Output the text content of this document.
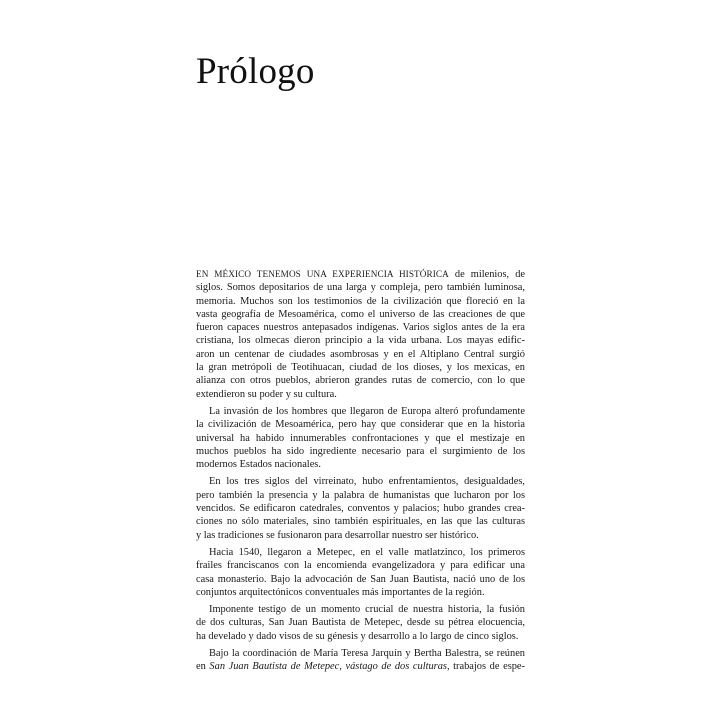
Prólogo

EN MÉXICO TENEMOS UNA EXPERIENCIA HISTÓRICA de milenios, de
siglos. Somos depositarios de una larga y compleja, pero también luminosa,
memoria. Muchos son los testimonios de la civilización que floreció en la
vasta geografía de Mesoamérica, como el universo de las creaciones de que
fueron capaces nuestros antepasados indígenas. Varios siglos antes de la era
cristiana, los olmecas dieron principio a la vida urbana. Los mayas edific-
aron un centenar de ciudades asombrosas y en el Altiplano Central surgió
la gran metrópoli de Teotihuacan, ciudad de los dioses, y los mexicas, en
alianza con otros pueblos, abrieron grandes rutas de comercio, con lo que
extendieron su poder y su cultura.

La invasión de los hombres que llegaron de Europa alteró profundamente
la civilización de Mesoamérica, pero hay que considerar que en la historia
universal ha habido innumerables confrontaciones y que el mestizaje en
muchos pueblos ha sido ingrediente necesario para el surgimiento de los
modernos Estados nacionales.

En los tres siglos del virreinato, hubo enfrentamientos, desigualdades,
pero también la presencia y la palabra de humanistas que lucharon por los
vencidos. Se edificaron catedrales, conventos y palacios; hubo grandes crea-
ciones no sólo materiales, sino también espirituales, en las que las culturas
y las tradiciones se fusionaron para desarrollar nuestro ser histórico.

Hacia 1540, llegaron a Metepec, en el valle matlatzinco, los primeros
frailes franciscanos con la encomienda evangelizadora y para edificar una
casa monasterio. Bajo la advocación de San Juan Bautista, nació uno de los
conjuntos arquitectónicos conventuales más importantes de la región.

Imponente testigo de un momento crucial de nuestra historia, la fusión
de dos culturas, San Juan Bautista de Metepec, desde su pétrea elocuencia,
ha develado y dado visos de su génesis y desarrollo a lo largo de cinco siglos.

Bajo la coordinación de María Teresa Jarquín y Bertha Balestra, se reúnen
en San Juan Bautista de Metepec, vástago de dos culturas, trabajos de espe-
